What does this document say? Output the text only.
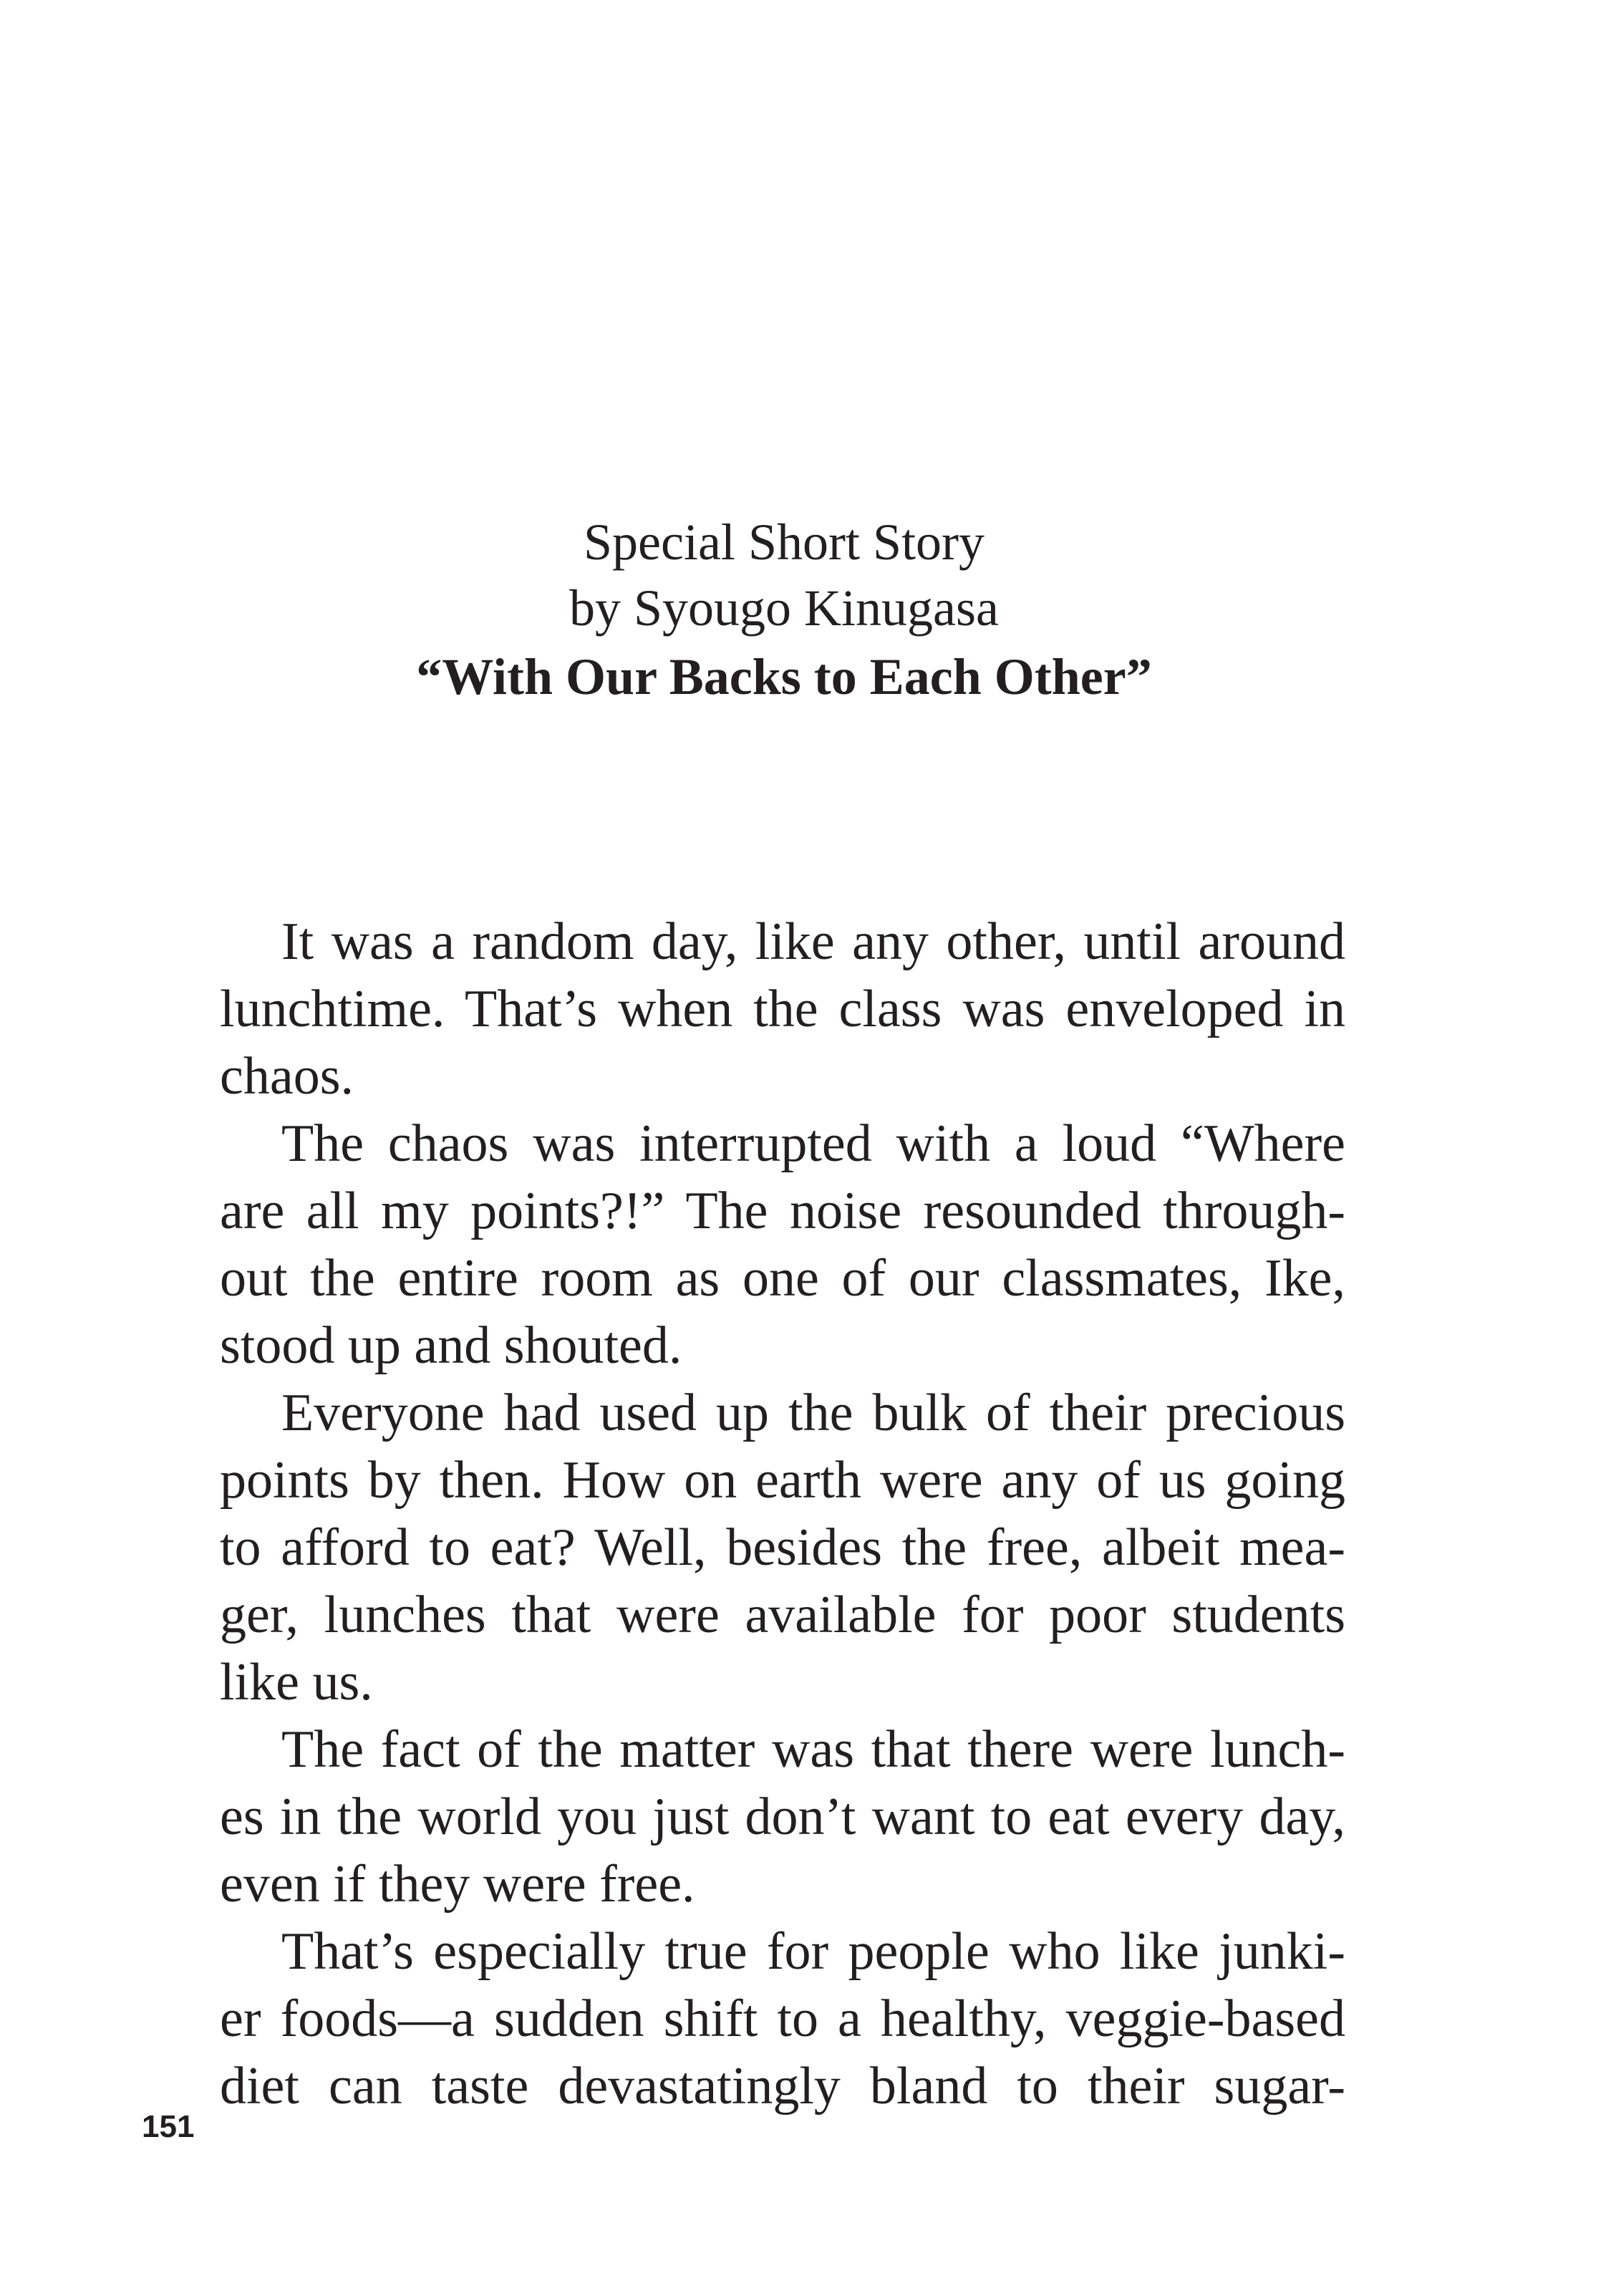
Special Short Story
by Syougo Kinugasa
“With Our Backs to Each Other”
It was a random day, like any other, until around
lunchtime. That’s when the class was enveloped in
chaos.
The chaos was interrupted with a loud “Where
are all my points?!” The noise resounded through-
out the entire room as one of our classmates, Ike,
stood up and shouted.
Everyone had used up the bulk of their precious
points by then. How on earth were any of us going
to afford to eat? Well, besides the free, albeit mea-
ger, lunches that were available for poor students
like us.
The fact of the matter was that there were lunch-
es in the world you just don’t want to eat every day,
even if they were free.
That’s especially true for people who like junki-
er foods—a sudden shift to a healthy, veggie-based
diet can taste devastatingly bland to their sugar-
151
